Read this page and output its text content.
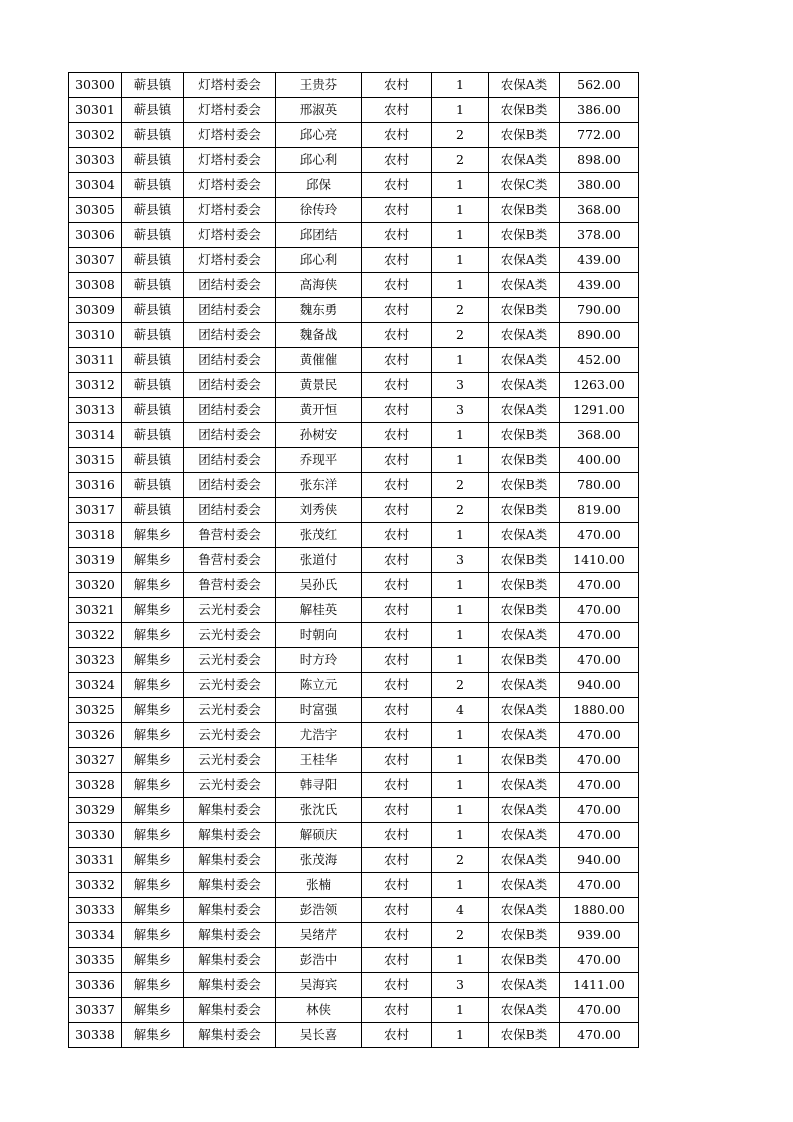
30300	蕲县镇	灯塔村委会	王贵芬	农村	1	农保A类	562.00
30301	蕲县镇	灯塔村委会	邢淑英	农村	1	农保B类	386.00
30302	蕲县镇	灯塔村委会	邱心亮	农村	2	农保B类	772.00
30303	蕲县镇	灯塔村委会	邱心利	农村	2	农保A类	898.00
30304	蕲县镇	灯塔村委会	邱保	农村	1	农保C类	380.00
30305	蕲县镇	灯塔村委会	徐传玲	农村	1	农保B类	368.00
30306	蕲县镇	灯塔村委会	邱团结	农村	1	农保B类	378.00
30307	蕲县镇	灯塔村委会	邱心利	农村	1	农保A类	439.00
30308	蕲县镇	团结村委会	高海侠	农村	1	农保A类	439.00
30309	蕲县镇	团结村委会	魏东勇	农村	2	农保B类	790.00
30310	蕲县镇	团结村委会	魏备战	农村	2	农保A类	890.00
30311	蕲县镇	团结村委会	黄催催	农村	1	农保A类	452.00
30312	蕲县镇	团结村委会	黄景民	农村	3	农保A类	1263.00
30313	蕲县镇	团结村委会	黄开恒	农村	3	农保A类	1291.00
30314	蕲县镇	团结村委会	孙树安	农村	1	农保B类	368.00
30315	蕲县镇	团结村委会	乔现平	农村	1	农保B类	400.00
30316	蕲县镇	团结村委会	张东洋	农村	2	农保B类	780.00
30317	蕲县镇	团结村委会	刘秀侠	农村	2	农保B类	819.00
30318	解集乡	鲁营村委会	张茂红	农村	1	农保A类	470.00
30319	解集乡	鲁营村委会	张道付	农村	3	农保B类	1410.00
30320	解集乡	鲁营村委会	吴孙氏	农村	1	农保B类	470.00
30321	解集乡	云光村委会	解桂英	农村	1	农保B类	470.00
30322	解集乡	云光村委会	时朝向	农村	1	农保A类	470.00
30323	解集乡	云光村委会	时方玲	农村	1	农保B类	470.00
30324	解集乡	云光村委会	陈立元	农村	2	农保A类	940.00
30325	解集乡	云光村委会	时富强	农村	4	农保A类	1880.00
30326	解集乡	云光村委会	尤浩宇	农村	1	农保A类	470.00
30327	解集乡	云光村委会	王桂华	农村	1	农保B类	470.00
30328	解集乡	云光村委会	韩寻阳	农村	1	农保A类	470.00
30329	解集乡	解集村委会	张沈氏	农村	1	农保A类	470.00
30330	解集乡	解集村委会	解硕庆	农村	1	农保A类	470.00
30331	解集乡	解集村委会	张茂海	农村	2	农保A类	940.00
30332	解集乡	解集村委会	张楠	农村	1	农保A类	470.00
30333	解集乡	解集村委会	彭浩领	农村	4	农保A类	1880.00
30334	解集乡	解集村委会	吴绪芹	农村	2	农保B类	939.00
30335	解集乡	解集村委会	彭浩中	农村	1	农保B类	470.00
30336	解集乡	解集村委会	吴海宾	农村	3	农保A类	1411.00
30337	解集乡	解集村委会	林侠	农村	1	农保A类	470.00
30338	解集乡	解集村委会	吴长喜	农村	1	农保B类	470.00
